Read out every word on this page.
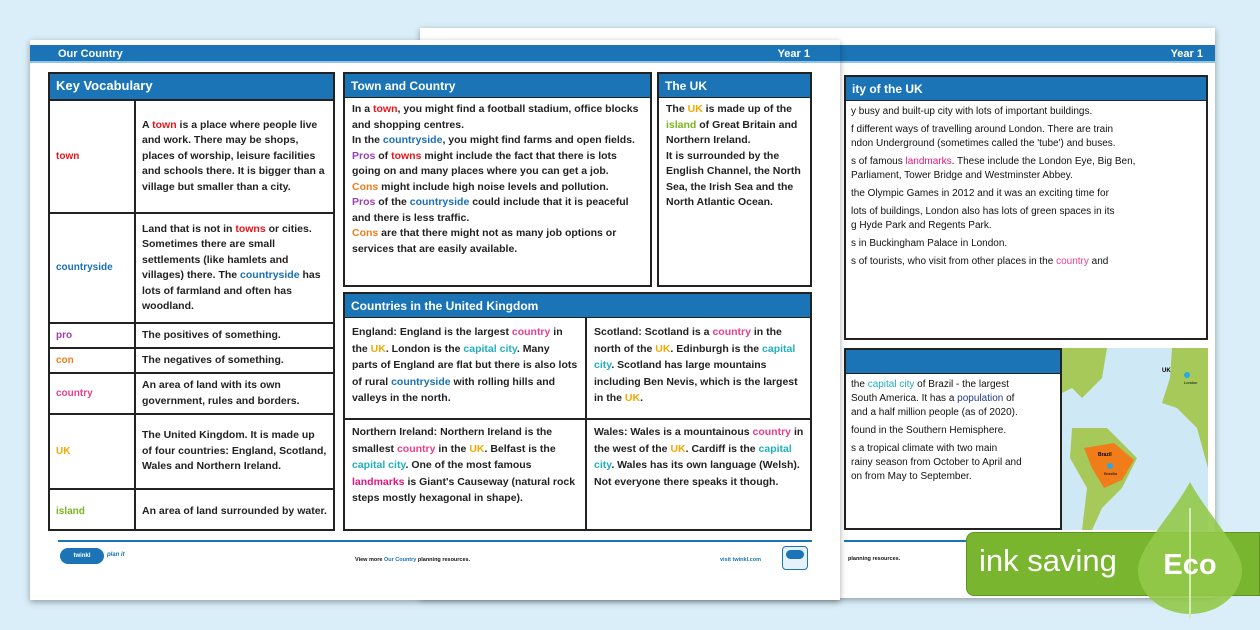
Year 1
ity of the UK
y busy and built-up city with lots of important buildings.
f different ways of travelling around London. There are train
ndon Underground (sometimes called the 'tube') and buses.
s of famous landmarks. These include the London Eye, Big Ben,
Parliament, Tower Bridge and Westminster Abbey.
the Olympic Games in 2012 and it was an exciting time for
lots of buildings, London also has lots of green spaces in its
g Hyde Park and Regents Park.
s in Buckingham Palace in London.
s of tourists, who visit from other places in the country and
the capital city of Brazil - the largest
South America. It has a population of
and a half million people (as of 2020).
found in the Southern Hemisphere.
s a tropical climate with two main
rainy season from October to April and
on from May to September.
UK
London
Brazil
Brasilia
planning resources.
Our Country	Year 1
Key Vocabulary
town	A town is a place where people live and work. There may be shops, places of worship, leisure facilities and schools there. It is bigger than a village but smaller than a city.
countryside	Land that is not in towns or cities. Sometimes there are small settlements (like hamlets and villages) there. The countryside has lots of farmland and often has woodland.
pro	The positives of something.
con	The negatives of something.
country	An area of land with its own government, rules and borders.
UK	The United Kingdom. It is made up of four countries: England, Scotland, Wales and Northern Ireland.
island	An area of land surrounded by water.
Town and Country
In a town, you might find a football stadium, office blocks and shopping centres.
In the countryside, you might find farms and open fields.
Pros of towns might include the fact that there is lots going on and many places where you can get a job.
Cons might include high noise levels and pollution.
Pros of the countryside could include that it is peaceful and there is less traffic.
Cons are that there might not as many job options or services that are easily available.
The UK
The UK is made up of the island of Great Britain and Northern Ireland.
It is surrounded by the English Channel, the North Sea, the Irish Sea and the North Atlantic Ocean.
Countries in the United Kingdom
England: England is the largest country in the UK. London is the capital city. Many parts of England are flat but there is also lots of rural countryside with rolling hills and valleys in the north.
Scotland: Scotland is a country in the north of the UK. Edinburgh is the capital city. Scotland has large mountains including Ben Nevis, which is the largest in the UK.
Northern Ireland: Northern Ireland is the smallest country in the UK. Belfast is the capital city. One of the most famous landmarks is Giant's Causeway (natural rock steps mostly hexagonal in shape).
Wales: Wales is a mountainous country in the west of the UK. Cardiff is the capital city. Wales has its own language (Welsh). Not everyone there speaks it though.
twinkl	plan it
View more Our Country planning resources.	visit twinkl.com	ink saving Eco
